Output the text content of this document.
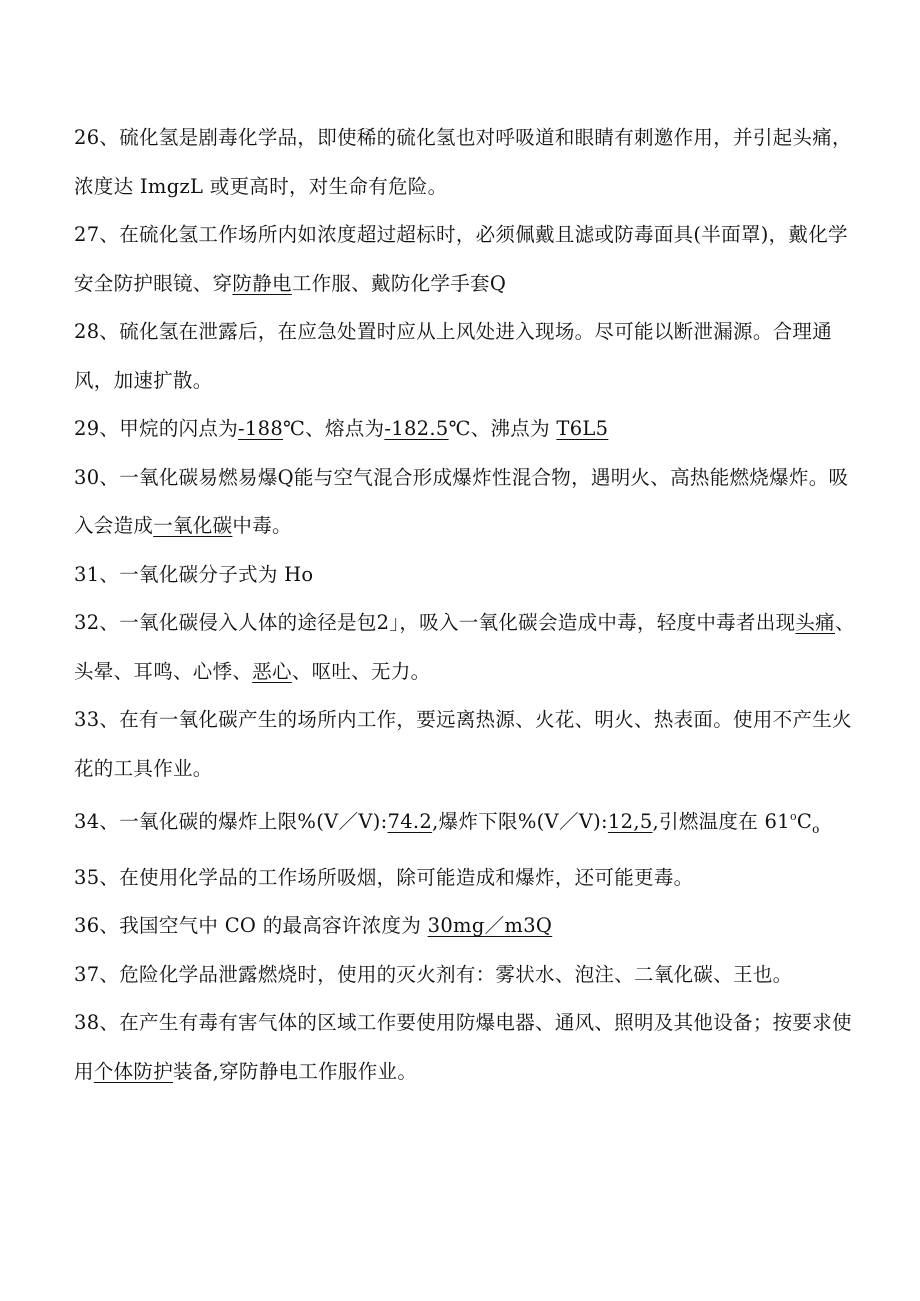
26、硫化氢是剧毒化学品，即使稀的硫化氢也对呼吸道和眼睛有刺邀作用，并引起头痛，浓度达 ImgzL 或更高时，对生命有危险。

27、在硫化氢工作场所内如浓度超过超标时，必须佩戴且滤或防毒面具(半面罩)，戴化学安全防护眼镜、穿防静电工作服、戴防化学手套Q

28、硫化氢在泄露后，在应急处置时应从上风处进入现场。尽可能以断泄漏源。合理通风，加速扩散。

29、甲烷的闪点为-188℃、熔点为-182.5℃、沸点为 T6L5

30、一氧化碳易燃易爆Q能与空气混合形成爆炸性混合物，遇明火、高热能燃烧爆炸。吸入会造成一氧化碳中毒。

31、一氧化碳分子式为 Ho

32、一氧化碳侵入人体的途径是包2」，吸入一氧化碳会造成中毒，轻度中毒者出现头痛、头晕、耳鸣、心悸、恶心、呕吐、无力。

33、在有一氧化碳产生的场所内工作，要远离热源、火花、明火、热表面。使用不产生火花的工具作业。

34、一氧化碳的爆炸上限%(V／V):74.2,爆炸下限%(V／V):12,5,引燃温度在 $61^oC_o$

35、在使用化学品的工作场所吸烟，除可能造成和爆炸，还可能更毒。

36、我国空气中 CO 的最高容许浓度为 30mg／m3Q

37、危险化学品泄露燃烧时，使用的灭火剂有：雾状水、泡注、二氧化碳、王也。

38、在产生有毒有害气体的区域工作要使用防爆电器、通风、照明及其他设备；按要求使用个体防护装备,穿防静电工作服作业。
